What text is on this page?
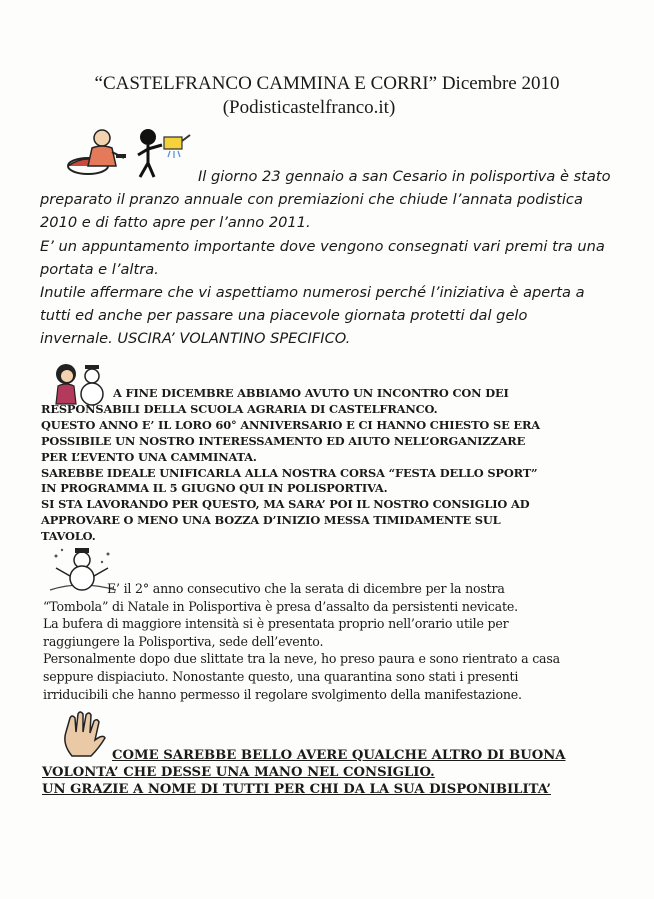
“CASTELFRANCO CAMMINA E CORRI” Dicembre 2010
(Podisticastelfranco.it)
Il giorno 23 gennaio a san Cesario in polisportiva è stato
preparato il pranzo annuale con premiazioni che chiude l’annata podistica
2010 e di fatto apre per l’anno 2011.
E’ un appuntamento importante dove vengono consegnati vari premi tra una
portata e l’altra.
Inutile affermare che vi aspettiamo numerosi perché l’iniziativa è aperta a
tutti ed anche per passare una piacevole giornata protetti dal gelo
invernale. USCIRA’ VOLANTINO SPECIFICO.
A FINE DICEMBRE ABBIAMO AVUTO UN INCONTRO CON DEI
RESPONSABILI DELLA SCUOLA AGRARIA DI CASTELFRANCO.
QUESTO ANNO E’ IL LORO 60° ANNIVERSARIO E CI HANNO CHIESTO SE ERA
POSSIBILE UN NOSTRO INTERESSAMENTO ED AIUTO NELL’ORGANIZZARE
PER L’EVENTO UNA CAMMINATA.
SAREBBE IDEALE UNIFICARLA ALLA NOSTRA CORSA “FESTA DELLO SPORT”
IN PROGRAMMA IL 5 GIUGNO QUI IN POLISPORTIVA.
SI STA LAVORANDO PER QUESTO, MA SARA’ POI IL NOSTRO CONSIGLIO AD
APPROVARE O MENO UNA BOZZA D’INIZIO MESSA TIMIDAMENTE SUL
TAVOLO.
E’ il 2° anno consecutivo che la serata di dicembre per la nostra
“Tombola” di Natale in Polisportiva è presa d’assalto da persistenti nevicate.
La bufera di maggiore intensità si è presentata proprio nell’orario utile per
raggiungere la Polisportiva, sede dell’evento.
Personalmente dopo due slittate tra la neve, ho preso paura e sono rientrato a casa
seppure dispiaciuto. Nonostante questo, una quarantina sono stati i presenti
irriducibili che hanno permesso il regolare svolgimento della manifestazione.
COME SAREBBE BELLO AVERE QUALCHE ALTRO DI BUONA
VOLONTA’ CHE DESSE UNA MANO NEL CONSIGLIO.
UN GRAZIE A NOME DI TUTTI PER CHI DA LA SUA DISPONIBILITA’
